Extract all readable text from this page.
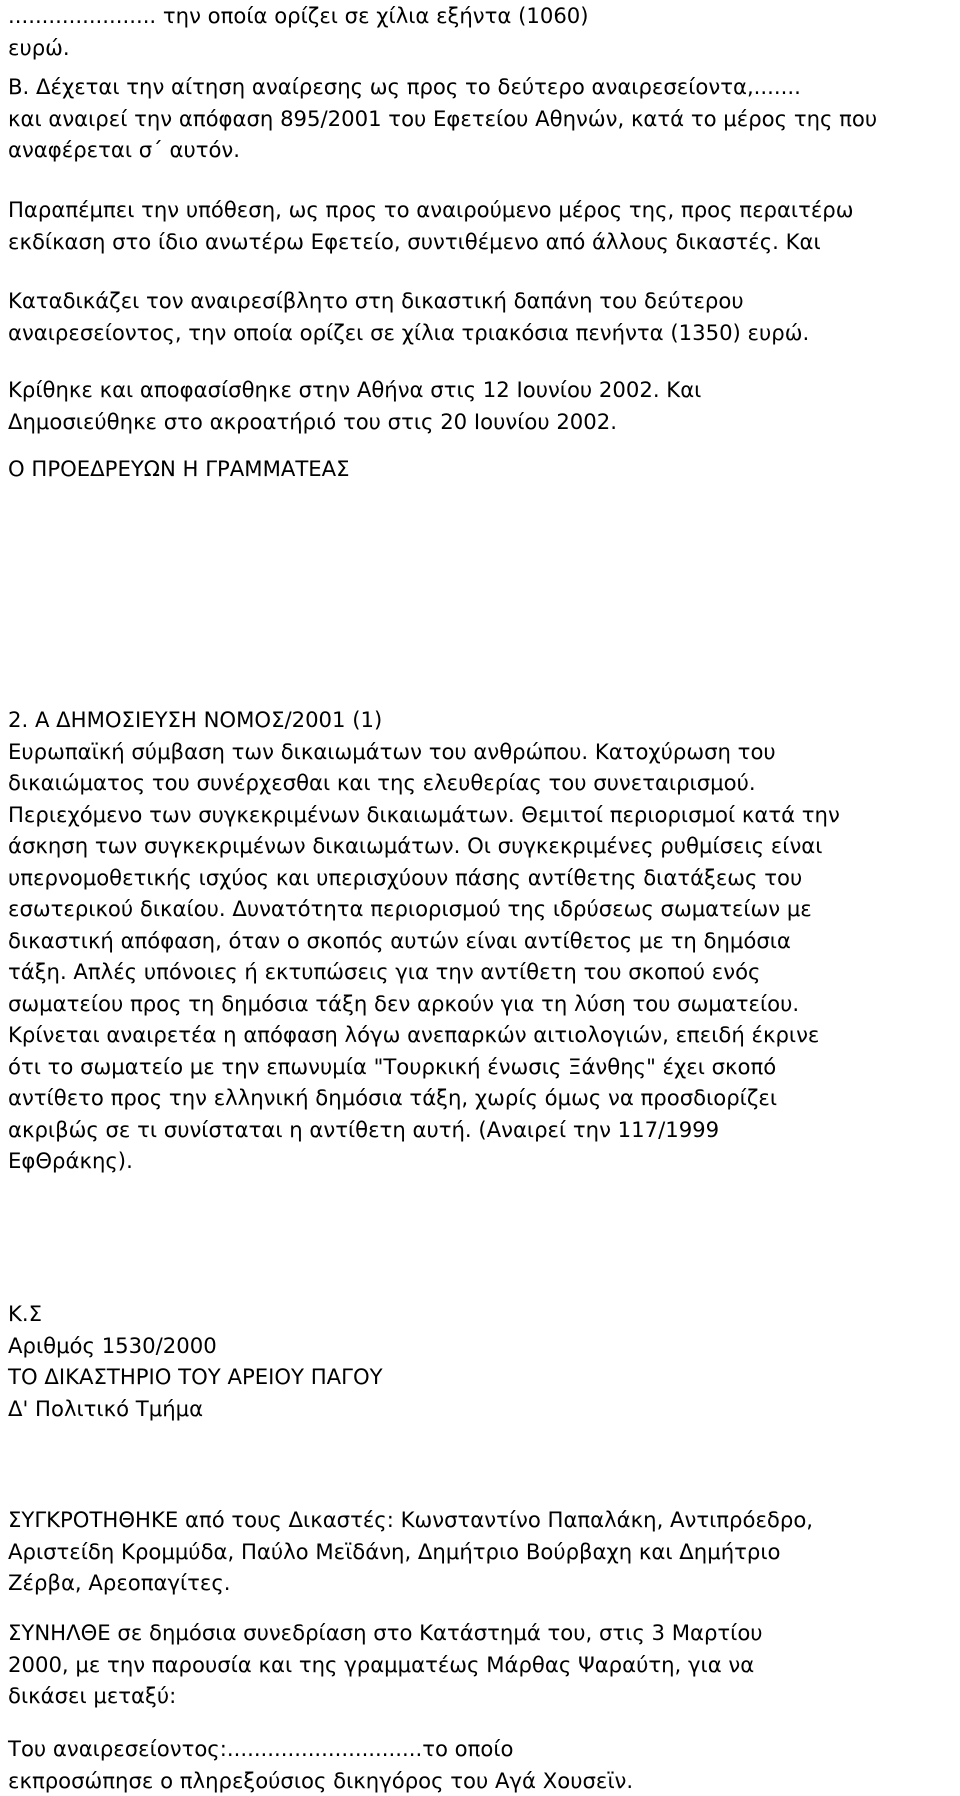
...................... την οποία ορίζει σε χίλια εξήντα (1060)
ευρώ.

Β. Δέχεται την αίτηση αναίρεσης ως προς το δεύτερο αναιρεσείοντα,.......
και αναιρεί την απόφαση 895/2001 του Εφετείου Αθηνών, κατά το μέρος της που
αναφέρεται σ΄ αυτόν.

Παραπέμπει την υπόθεση, ως προς το αναιρούμενο μέρος της, προς περαιτέρω
εκδίκαση στο ίδιο ανωτέρω Εφετείο, συντιθέμενο από άλλους δικαστές. Και

Καταδικάζει τον αναιρεσίβλητο στη δικαστική δαπάνη του δεύτερου
αναιρεσείοντος, την οποία ορίζει σε χίλια τριακόσια πενήντα (1350) ευρώ.

Κρίθηκε και αποφασίσθηκε στην Αθήνα στις 12 Ιουνίου 2002. Και
Δημοσιεύθηκε στο ακροατήριό του στις 20 Ιουνίου 2002.

Ο ΠΡΟΕΔΡΕΥΩΝ Η ΓΡΑΜΜΑΤΕΑΣ

2. Α ΔΗΜΟΣΙΕΥΣΗ ΝΟΜΟΣ/2001 (1)
Ευρωπαϊκή σύμβαση των δικαιωμάτων του ανθρώπου. Κατοχύρωση του
δικαιώματος του συνέρχεσθαι και της ελευθερίας του συνεταιρισμού.
Περιεχόμενο των συγκεκριμένων δικαιωμάτων. Θεμιτοί περιορισμοί κατά την
άσκηση των συγκεκριμένων δικαιωμάτων. Οι συγκεκριμένες ρυθμίσεις είναι
υπερνομοθετικής ισχύος και υπερισχύουν πάσης αντίθετης διατάξεως του
εσωτερικού δικαίου. Δυνατότητα περιορισμού της ιδρύσεως σωματείων με
δικαστική απόφαση, όταν ο σκοπός αυτών είναι αντίθετος με τη δημόσια
τάξη. Απλές υπόνοιες ή εκτυπώσεις για την αντίθετη του σκοπού ενός
σωματείου προς τη δημόσια τάξη δεν αρκούν για τη λύση του σωματείου.
Κρίνεται αναιρετέα η απόφαση λόγω ανεπαρκών αιτιολογιών, επειδή έκρινε
ότι το σωματείο με την επωνυμία "Τουρκική ένωσις Ξάνθης" έχει σκοπό
αντίθετο προς την ελληνική δημόσια τάξη, χωρίς όμως να προσδιορίζει
ακριβώς σε τι συνίσταται η αντίθετη αυτή. (Αναιρεί την 117/1999
ΕφΘράκης).

Κ.Σ
Αριθμός 1530/2000
ΤΟ ΔΙΚΑΣΤΗΡΙΟ ΤΟΥ ΑΡΕΙΟΥ ΠΑΓΟΥ
Δ' Πολιτικό Τμήμα

ΣΥΓΚΡΟΤΗΘΗΚΕ από τους Δικαστές: Κωνσταντίνο Παπαλάκη, Αντιπρόεδρο,
Αριστείδη Κρομμύδα, Παύλο Μεϊδάνη, Δημήτριο Βούρβαχη και Δημήτριο
Ζέρβα, Αρεοπαγίτες.

ΣΥΝΗΛΘΕ σε δημόσια συνεδρίαση στο Κατάστημά του, στις 3 Μαρτίου
2000, με την παρουσία και της γραμματέως Μάρθας Ψαραύτη, για να
δικάσει μεταξύ:

Του αναιρεσείοντος:.............................το οποίο
εκπροσώπησε ο πληρεξούσιος δικηγόρος του Αγά Χουσεϊν.
